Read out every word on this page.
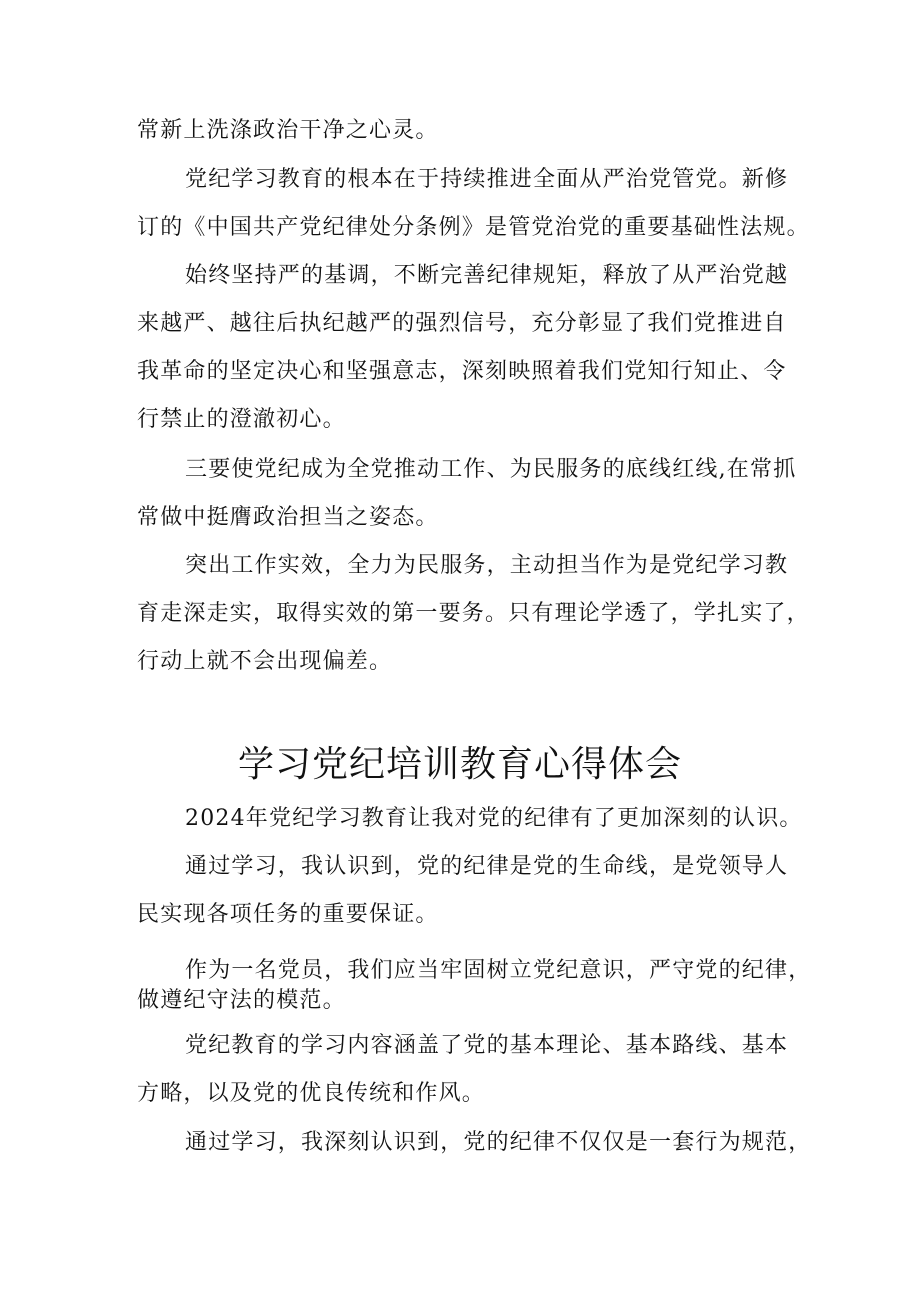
常新上洗涤政治干净之心灵。
党纪学习教育的根本在于持续推进全面从严治党管党。新修
订的《中国共产党纪律处分条例》是管党治党的重要基础性法规。
始终坚持严的基调，不断完善纪律规矩，释放了从严治党越
来越严、越往后执纪越严的强烈信号，充分彰显了我们党推进自
我革命的坚定决心和坚强意志，深刻映照着我们党知行知止、令
行禁止的澄澈初心。
三要使党纪成为全党推动工作、为民服务的底线红线,在常抓
常做中挺膺政治担当之姿态。
突出工作实效，全力为民服务，主动担当作为是党纪学习教
育走深走实，取得实效的第一要务。只有理论学透了，学扎实了，
行动上就不会出现偏差。
学习党纪培训教育心得体会
2024年党纪学习教育让我对党的纪律有了更加深刻的认识。
通过学习，我认识到，党的纪律是党的生命线，是党领导人
民实现各项任务的重要保证。
作为一名党员，我们应当牢固树立党纪意识，严守党的纪律，
做遵纪守法的模范。
党纪教育的学习内容涵盖了党的基本理论、基本路线、基本
方略，以及党的优良传统和作风。
通过学习，我深刻认识到，党的纪律不仅仅是一套行为规范，
